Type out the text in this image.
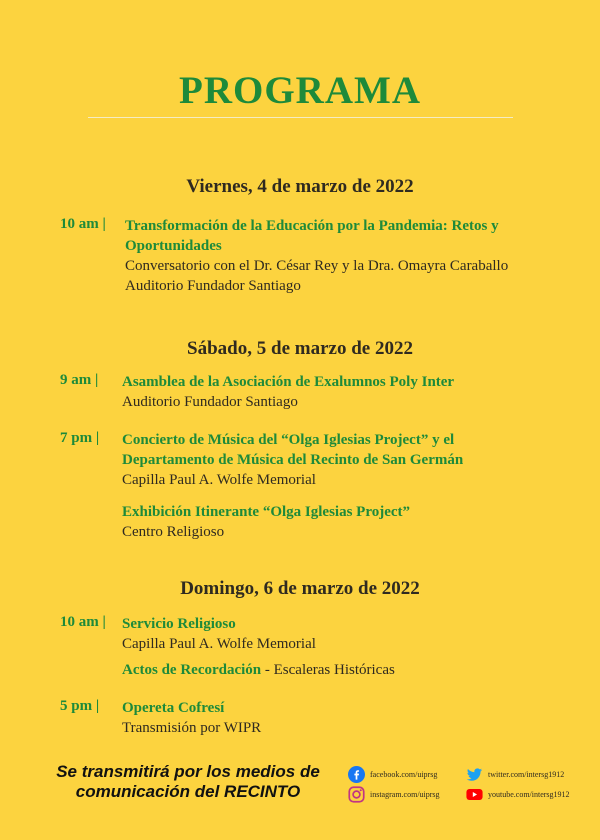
PROGRAMA
Viernes, 4 de marzo de 2022
10 am | Transformación de la Educación por la Pandemia: Retos y
Oportunidades
Conversatorio con el Dr. César Rey y la Dra. Omayra Caraballo
Auditorio Fundador Santiago
Sábado, 5 de marzo de 2022
9 am | Asamblea de la Asociación de Exalumnos Poly Inter
Auditorio Fundador Santiago
7 pm | Concierto de Música del “Olga Iglesias Project” y el
Departamento de Música del Recinto de San Germán
Capilla Paul A. Wolfe Memorial
Exhibición Itinerante “Olga Iglesias Project”
Centro Religioso
Domingo, 6 de marzo de 2022
10 am | Servicio Religioso
Capilla Paul A. Wolfe Memorial
Actos de Recordación - Escaleras Históricas
5 pm | Opereta Cofresí
Transmisión por WIPR
Se transmitirá por los medios de
comunicación del RECINTO
facebook.com/uiprsg	twitter.com/intersg1912
instagram.com/uiprsg	youtube.com/intersg1912
